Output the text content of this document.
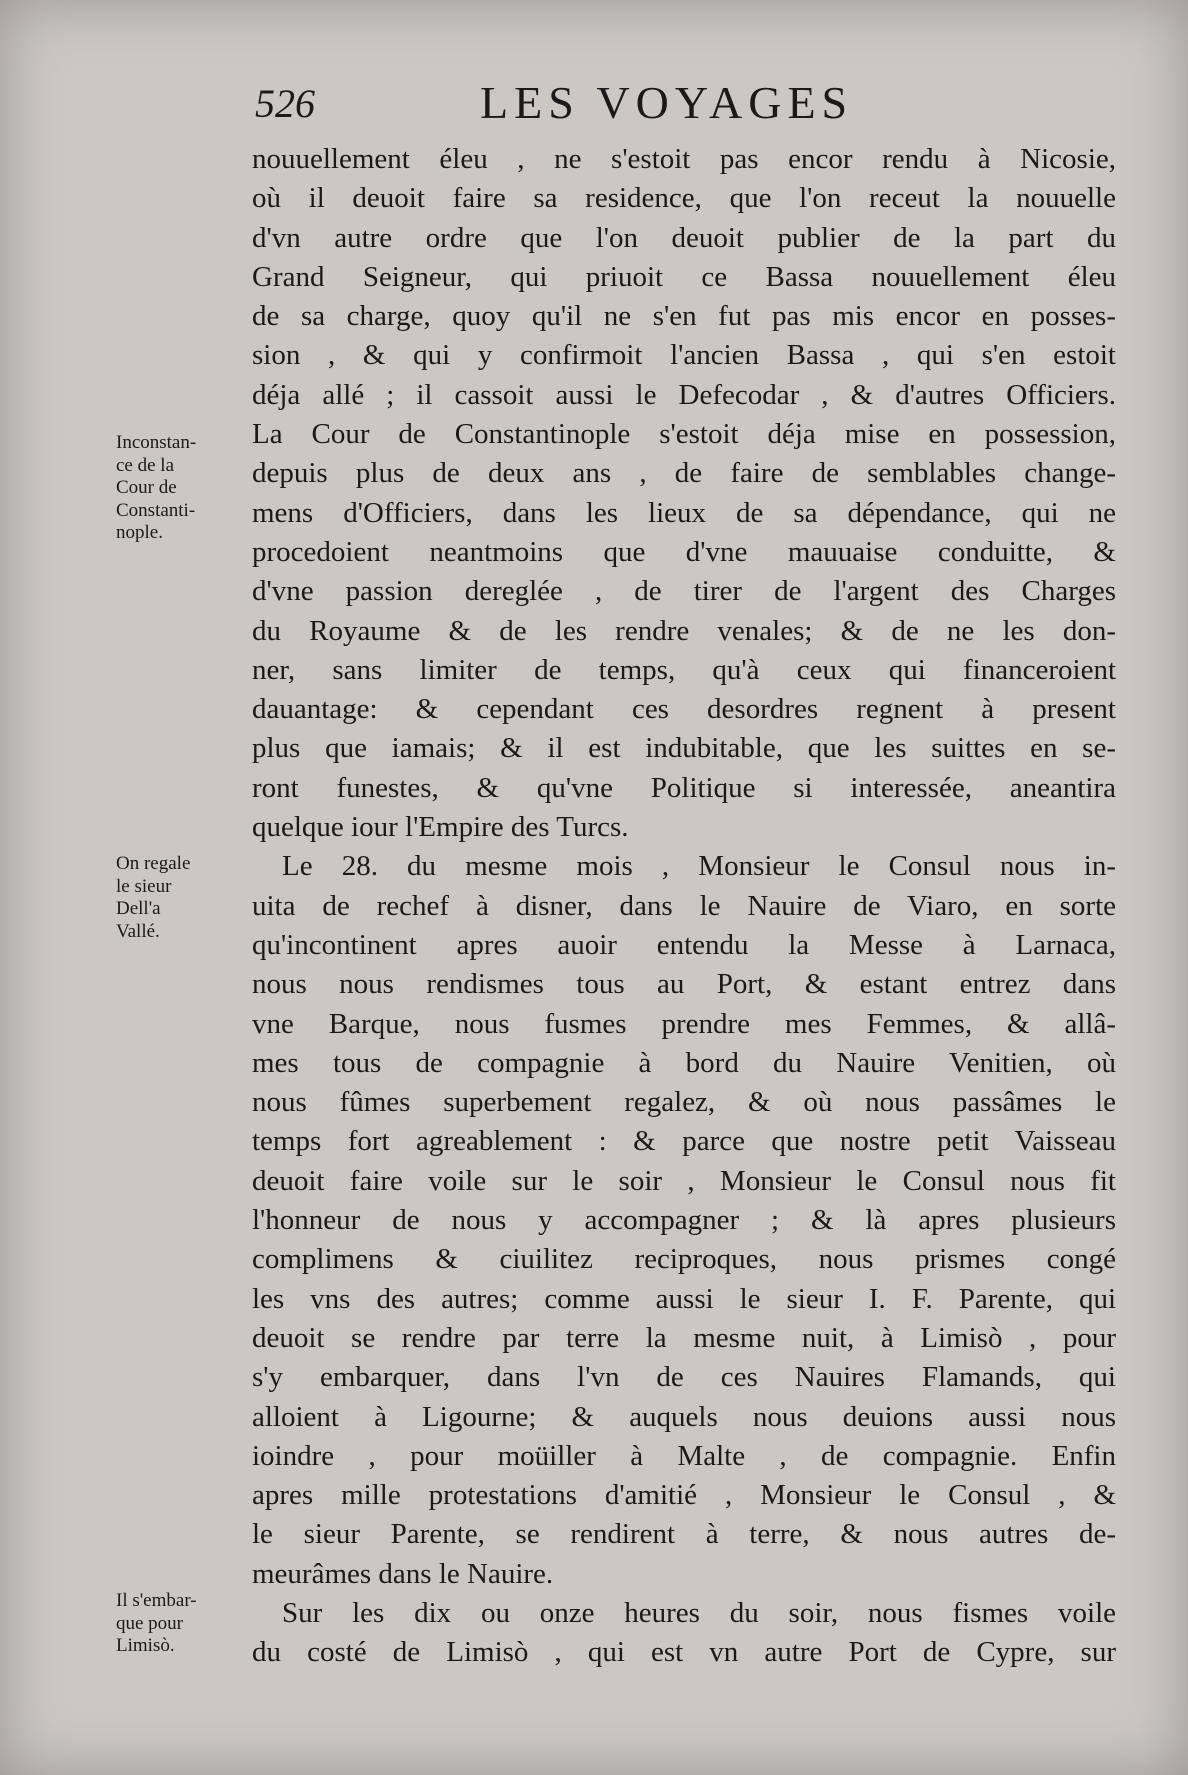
526	LES VOYAGES
nouuellement éleu , ne s'estoit pas encor rendu à Nicosie,
où il deuoit faire sa residence, que l'on receut la nouuelle
d'vn autre ordre que l'on deuoit publier de la part du
Grand Seigneur, qui priuoit ce Bassa nouuellement éleu
de sa charge, quoy qu'il ne s'en fut pas mis encor en posses-
sion , & qui y confirmoit l'ancien Bassa , qui s'en estoit
déja allé ; il cassoit aussi le Defecodar , & d'autres Officiers.
La Cour de Constantinople s'estoit déja mise en possession,
depuis plus de deux ans , de faire de semblables change-
mens d'Officiers, dans les lieux de sa dépendance, qui ne
procedoient neantmoins que d'vne mauuaise conduitte, &
d'vne passion dereglée , de tirer de l'argent des Charges
du Royaume & de les rendre venales; & de ne les don-
ner, sans limiter de temps, qu'à ceux qui financeroient
dauantage: & cependant ces desordres regnent à present
plus que iamais; & il est indubitable, que les suittes en se-
ront funestes, & qu'vne Politique si interessée, aneantira
quelque iour l'Empire des Turcs.
Le 28. du mesme mois , Monsieur le Consul nous in-
uita de rechef à disner, dans le Nauire de Viaro, en sorte
qu'incontinent apres auoir entendu la Messe à Larnaca,
nous nous rendismes tous au Port, & estant entrez dans
vne Barque, nous fusmes prendre mes Femmes, & allâ-
mes tous de compagnie à bord du Nauire Venitien, où
nous fûmes superbement regalez, & où nous passâmes le
temps fort agreablement : & parce que nostre petit Vaisseau
deuoit faire voile sur le soir , Monsieur le Consul nous fit
l'honneur de nous y accompagner ; & là apres plusieurs
complimens & ciuilitez reciproques, nous prismes congé
les vns des autres; comme aussi le sieur I. F. Parente, qui
deuoit se rendre par terre la mesme nuit, à Limisò , pour
s'y embarquer, dans l'vn de ces Nauires Flamands, qui
alloient à Ligourne; & auquels nous deuions aussi nous
ioindre , pour moüiller à Malte , de compagnie. Enfin
apres mille protestations d'amitié , Monsieur le Consul , &
le sieur Parente, se rendirent à terre, & nous autres de-
meurâmes dans le Nauire.
Sur les dix ou onze heures du soir, nous fismes voile
du costé de Limisò , qui est vn autre Port de Cypre, sur
Inconstan-
ce de la
Cour de
Constanti-
nople.
On regale
le sieur
Dell'a
Vallé.
Il s'embar-
que pour
Limisò.
